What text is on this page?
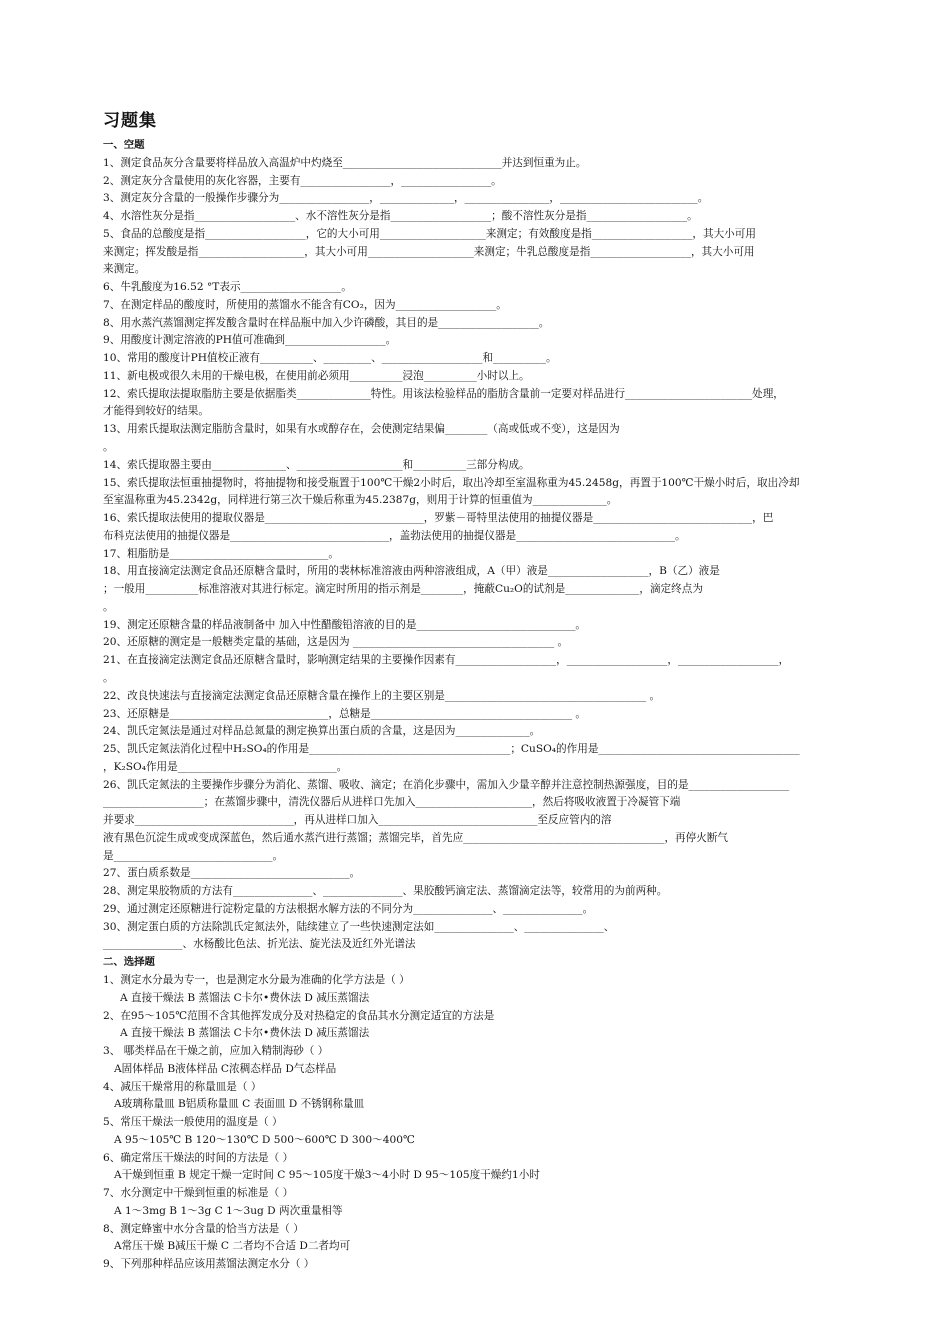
习题集
一、空题
1、测定食品灰分含量要将样品放入高温炉中灼烧至______________________________并达到恒重为止。
2、测定灰分含量使用的灰化容器，主要有_________________，_________________。
3、测定灰分含量的一般操作步骤分为_________________，______________，________________，__________________________。
4、水溶性灰分是指___________________、水不溶性灰分是指___________________；酸不溶性灰分是指___________________。
5、食品的总酸度是指___________________，它的大小可用____________________来测定；有效酸度是指___________________，其大小可用
来测定；挥发酸是指____________________，其大小可用____________________来测定；牛乳总酸度是指___________________，其大小可用
来测定。
6、牛乳酸度为16.52 °T表示___________________。
7、在测定样品的酸度时，所使用的蒸馏水不能含有CO₂，因为___________________。
8、用水蒸汽蒸馏测定挥发酸含量时在样品瓶中加入少许磷酸，其目的是___________________。
9、用酸度计测定溶液的PH值可准确到___________________。
10、常用的酸度计PH值校正液有__________、_________、___________________和__________。
11、新电极或很久未用的干燥电极，在使用前必须用__________浸泡__________小时以上。
12、索氏提取法提取脂肪主要是依据脂类______________特性。用该法检验样品的脂肪含量前一定要对样品进行________________________处理，
才能得到较好的结果。
13、用索氏提取法测定脂肪含量时，如果有水或醇存在，会使测定结果偏________（高或低或不变），这是因为
。
14、索氏提取器主要由______________、____________________和__________三部分构成。
15、索氏提取法恒重抽提物时，将抽提物和接受瓶置于100℃干燥2小时后，取出冷却至室温称重为45.2458g，再置于100℃干燥小时后，取出冷却
至室温称重为45.2342g，同样进行第三次干燥后称重为45.2387g，则用于计算的恒重值为______________。
16、索氏提取法使用的提取仪器是______________________________，罗紫－哥特里法使用的抽提仪器是______________________________，巴
布科克法使用的抽提仪器是______________________________，盖勃法使用的抽提仪器是______________________________。
17、粗脂肪是______________________________。
18、用直接滴定法测定食品还原糖含量时，所用的裴林标准溶液由两种溶液组成，A（甲）液是___________________，B（乙）液是
；一般用__________标准溶液对其进行标定。滴定时所用的指示剂是________，掩蔽Cu₂O的试剂是______________，滴定终点为
。
19、测定还原糖含量的样品液制备中 加入中性醋酸铅溶液的目的是______________________________。
20、还原糖的测定是一般糖类定量的基础，这是因为 ______________________________________ 。
21、在直接滴定法测定食品还原糖含量时，影响测定结果的主要操作因素有___________________，___________________，___________________，
。
22、改良快速法与直接滴定法测定食品还原糖含量在操作上的主要区别是______________________________________ 。
23、还原糖是______________________________，总糖是______________________________________ 。
24、凯氏定氮法是通过对样品总氮量的测定换算出蛋白质的含量，这是因为______________。
25、凯氏定氮法消化过程中H₂SO₄的作用是______________________________________；CuSO₄的作用是______________________________________
，K₂SO₄作用是______________________________。
26、凯氏定氮法的主要操作步骤分为消化、蒸馏、吸收、滴定；在消化步骤中，需加入少量辛醇并注意控制热源强度，目的是___________________
___________________；在蒸馏步骤中，清洗仪器后从进样口先加入______________________，然后将吸收液置于冷凝管下端
并要求______________________________，再从进样口加入______________________________至反应管内的溶
液有黑色沉淀生成或变成深蓝色，然后通水蒸汽进行蒸馏；蒸馏完毕，首先应______________________________________，再停火断气
是______________________________。
27、蛋白质系数是______________________________。
28、测定果胶物质的方法有_______________、_______________、果胶酸钙滴定法、蒸馏滴定法等，较常用的为前两种。
29、通过测定还原糖进行淀粉定量的方法根据水解方法的不同分为_______________、_______________。
30、测定蛋白质的方法除凯氏定氮法外，陆续建立了一些快速测定法如_______________、_______________、
_______________、水杨酸比色法、折光法、旋光法及近红外光谱法
二、选择题
1、测定水分最为专一，也是测定水分最为准确的化学方法是（ ）
A 直接干燥法 B 蒸馏法 C卡尔•费休法 D 减压蒸馏法
2、在95～105℃范围不含其他挥发成分及对热稳定的食品其水分测定适宜的方法是
A 直接干燥法 B 蒸馏法 C卡尔•费休法 D 减压蒸馏法
3、 哪类样品在干燥之前，应加入精制海砂（ ）
A固体样品 B液体样品 C浓稠态样品 D气态样品
4、减压干燥常用的称量皿是（ ）
A玻璃称量皿 B铝质称量皿 C 表面皿 D 不锈钢称量皿
5、常压干燥法一般使用的温度是（ ）
A 95～105℃ B 120～130℃ D 500～600℃ D 300～400℃
6、确定常压干燥法的时间的方法是（ ）
A干燥到恒重 B 规定干燥一定时间 C 95～105度干燥3～4小时 D 95～105度干燥约1小时
7、水分测定中干燥到恒重的标准是（ ）
A 1～3mg B 1～3g C 1～3ug D 两次重量相等
8、测定蜂蜜中水分含量的恰当方法是（ ）
A常压干燥 B减压干燥 C 二者均不合适 D二者均可
9、下列那种样品应该用蒸馏法测定水分（ ）
